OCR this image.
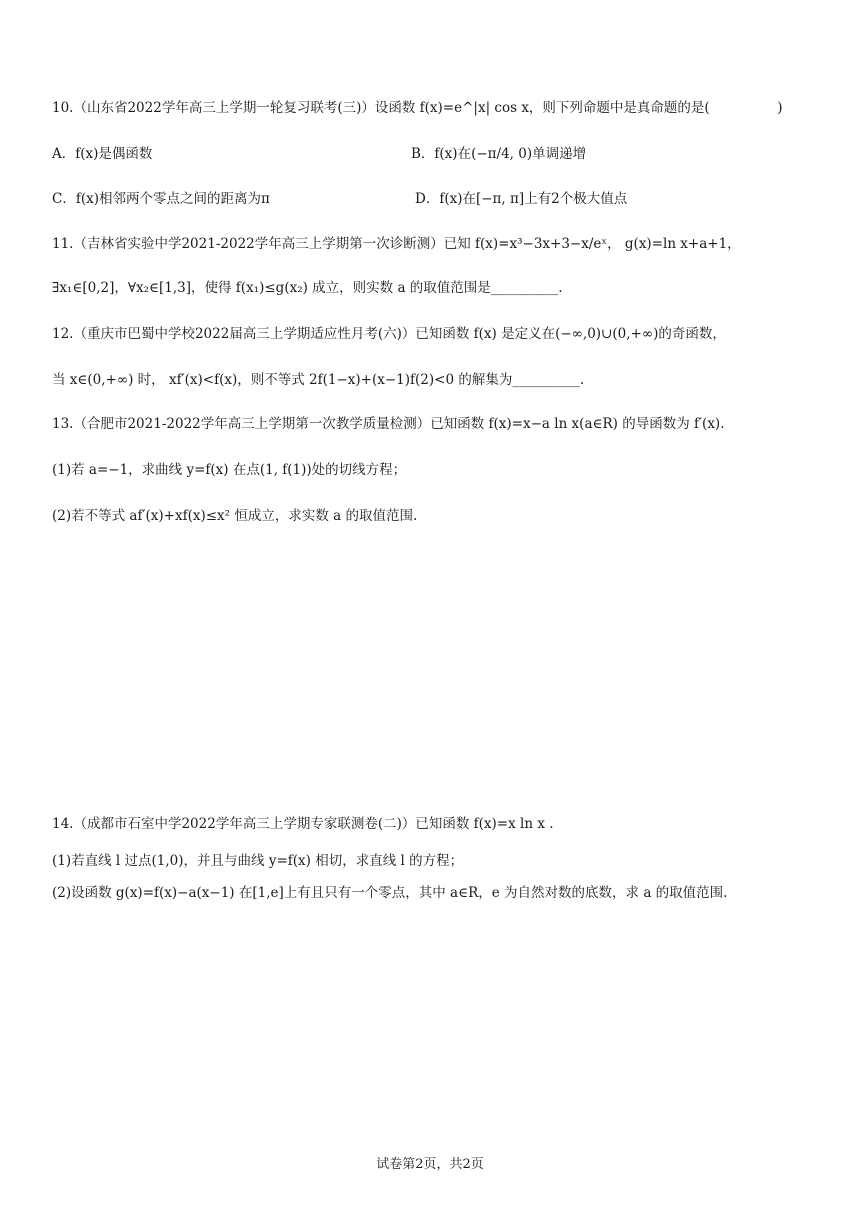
10.（山东省2022学年高三上学期一轮复习联考(三)）设函数 f(x)=e^|x| cos x，则下列命题中是真命题的是(　　　　　)
A．f(x)是偶函数	B．f(x)在(−π/4, 0)单调递增
C．f(x)相邻两个零点之间的距离为π	D．f(x)在[−π, π]上有2个极大值点
11.（吉林省实验中学2021-2022学年高三上学期第一次诊断测）已知 f(x)=x³−3x+3−x/eˣ， g(x)=ln x+a+1，
∃x₁∈[0,2]，∀x₂∈[1,3]，使得 f(x₁)≤g(x₂) 成立，则实数 a 的取值范围是__________.
12.（重庆市巴蜀中学校2022届高三上学期适应性月考(六)）已知函数 f(x) 是定义在(−∞,0)∪(0,+∞)的奇函数，
当 x∈(0,+∞) 时， xf′(x)<f(x)，则不等式 2f(1−x)+(x−1)f(2)<0 的解集为__________.
13.（合肥市2021-2022学年高三上学期第一次教学质量检测）已知函数 f(x)=x−a ln x(a∈R) 的导函数为 f′(x).
(1)若 a=−1，求曲线 y=f(x) 在点(1, f(1))处的切线方程；
(2)若不等式 af′(x)+xf(x)≤x² 恒成立，求实数 a 的取值范围.
14.（成都市石室中学2022学年高三上学期专家联测卷(二)）已知函数 f(x)=x ln x .
(1)若直线 l 过点(1,0)，并且与曲线 y=f(x) 相切，求直线 l 的方程；
(2)设函数 g(x)=f(x)−a(x−1) 在[1,e]上有且只有一个零点，其中 a∈R，e 为自然对数的底数，求 a 的取值范围.
试卷第2页，共2页
